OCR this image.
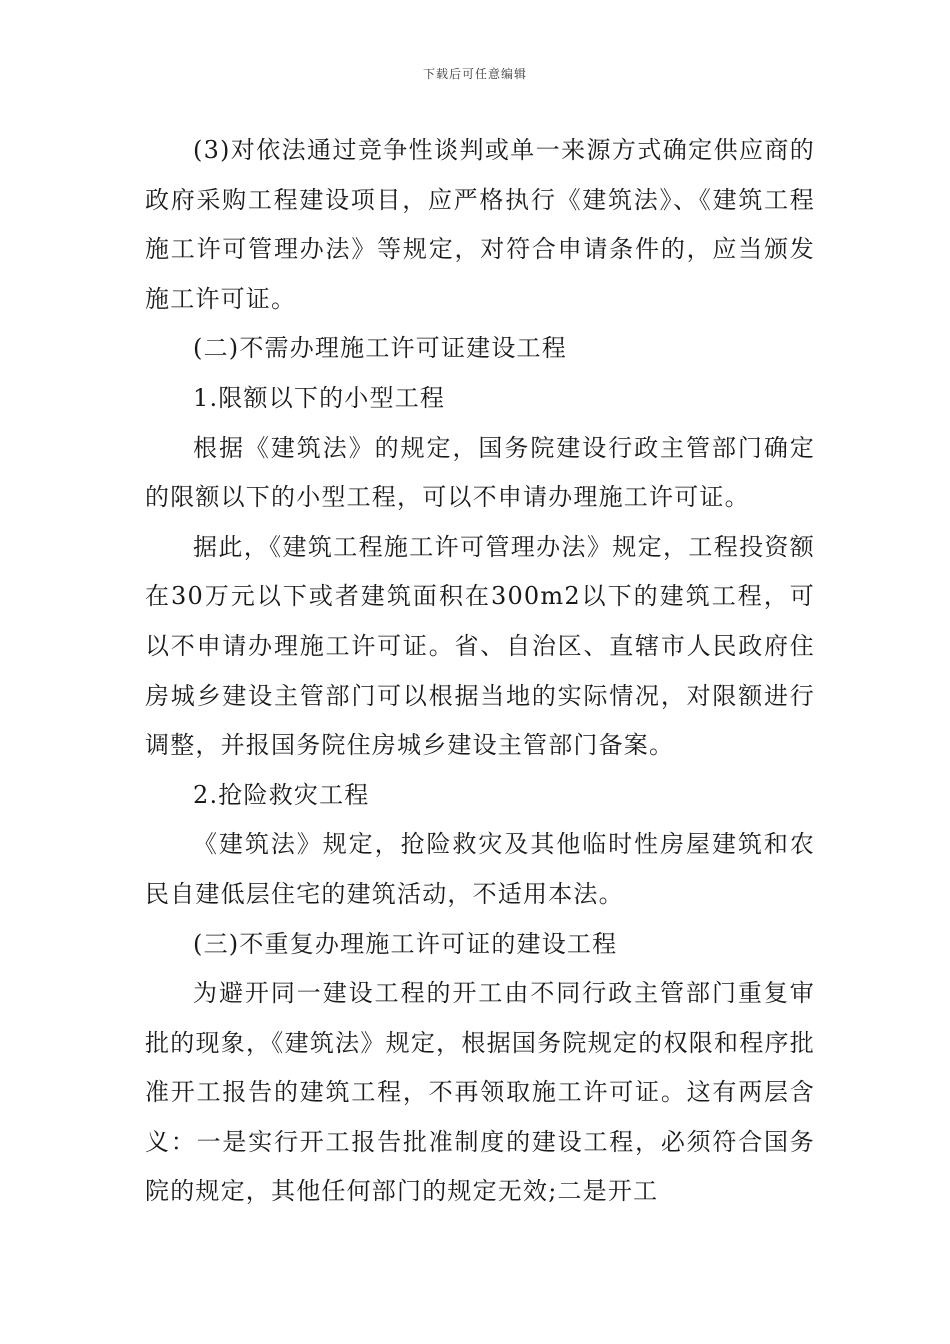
下载后可任意编辑

(3)对依法通过竞争性谈判或单一来源方式确定供应商的政府采购工程建设项目，应严格执行《建筑法》、《建筑工程施工许可管理办法》等规定，对符合申请条件的，应当颁发施工许可证。

(二)不需办理施工许可证建设工程

1.限额以下的小型工程

根据《建筑法》的规定，国务院建设行政主管部门确定的限额以下的小型工程，可以不申请办理施工许可证。

据此，《建筑工程施工许可管理办法》规定，工程投资额在30万元以下或者建筑面积在300m2以下的建筑工程，可以不申请办理施工许可证。省、自治区、直辖市人民政府住房城乡建设主管部门可以根据当地的实际情况，对限额进行调整，并报国务院住房城乡建设主管部门备案。

2.抢险救灾工程

《建筑法》规定，抢险救灾及其他临时性房屋建筑和农民自建低层住宅的建筑活动，不适用本法。

(三)不重复办理施工许可证的建设工程

为避开同一建设工程的开工由不同行政主管部门重复审批的现象，《建筑法》规定，根据国务院规定的权限和程序批准开工报告的建筑工程，不再领取施工许可证。这有两层含义：一是实行开工报告批准制度的建设工程，必须符合国务院的规定，其他任何部门的规定无效;二是开工
